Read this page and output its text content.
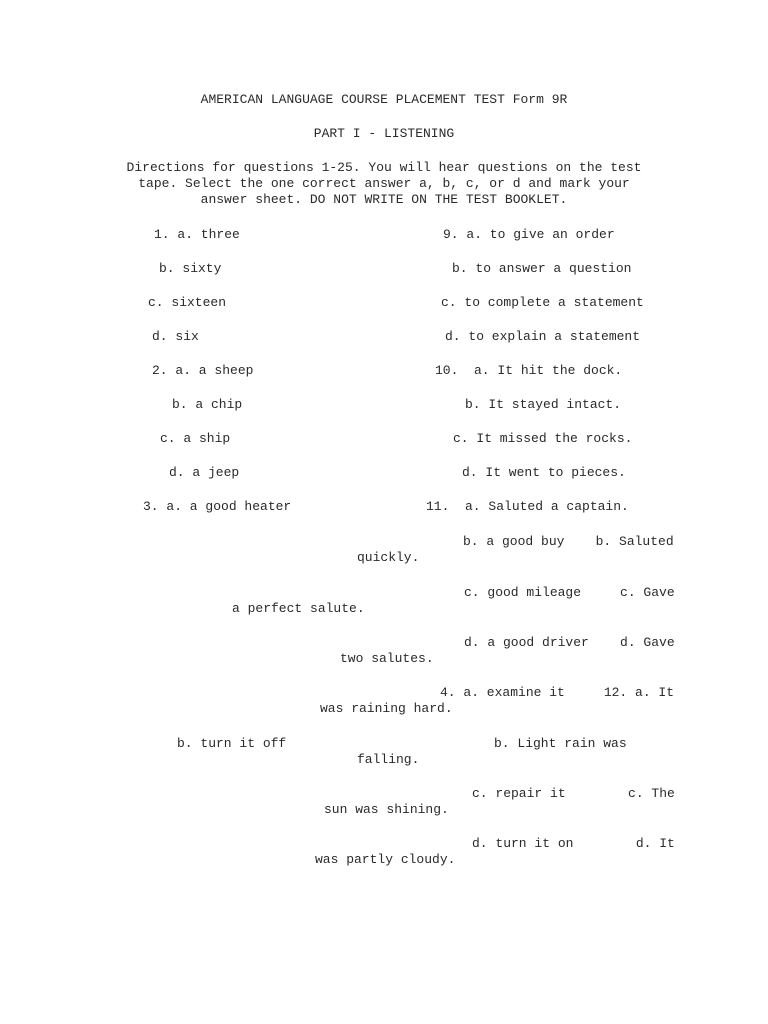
AMERICAN LANGUAGE COURSE PLACEMENT TEST Form 9R
PART I - LISTENING
Directions for questions 1-25. You will hear questions on the test
tape. Select the one correct answer a, b, c, or d and mark your
answer sheet. DO NOT WRITE ON THE TEST BOOKLET.
1. a. three	9. a. to give an order
b. sixty	b. to answer a question
c. sixteen	c. to complete a statement
d. six	d. to explain a statement
2. a. a sheep	10.  a. It hit the dock.
b. a chip	b. It stayed intact.
c. a ship	c. It missed the rocks.
d. a jeep	d. It went to pieces.
3. a. a good heater	11.  a. Saluted a captain.
b. a good buy    b. Saluted
quickly.
c. good mileage     c. Gave
a perfect salute.
d. a good driver    d. Gave
two salutes.
4. a. examine it     12. a. It
was raining hard.
b. turn it off	b. Light rain was
falling.
c. repair it        c. The
sun was shining.
d. turn it on        d. It
was partly cloudy.
